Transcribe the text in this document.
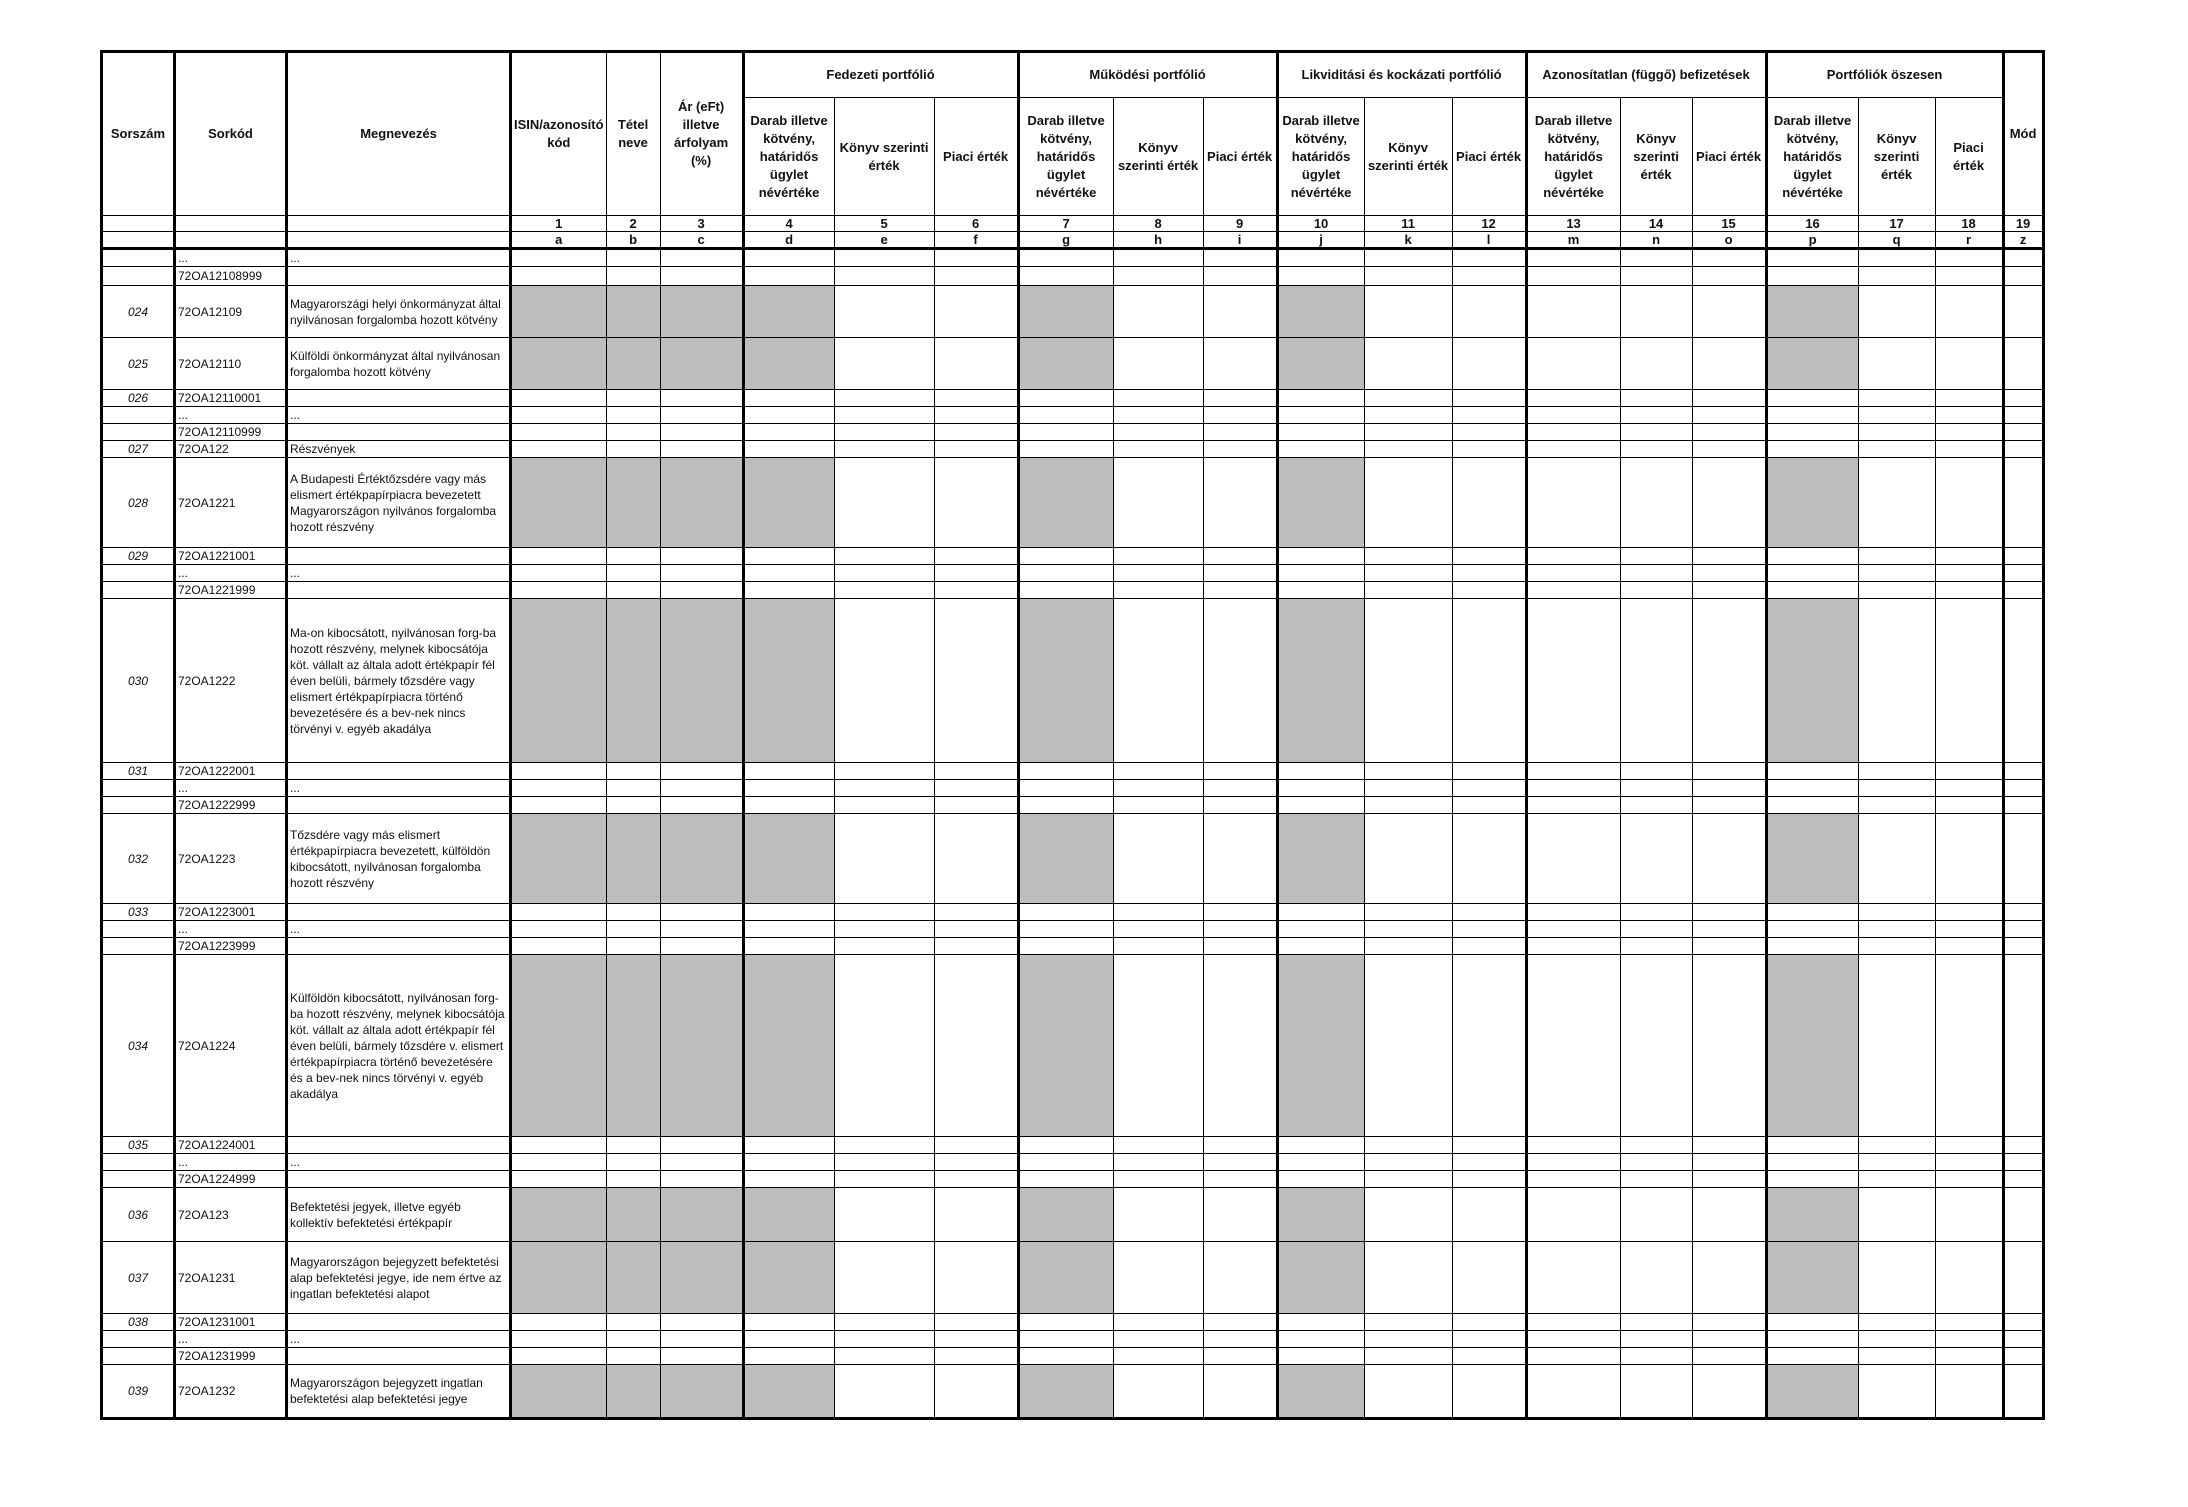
Sorszám	Sorkód	Megnevezés	ISIN/azonosító kód	Tétel neve	Ár (eFt) illetve árfolyam (%)	Fedezeti portfólió			Működési portfólió			Likviditási és kockázati portfólió			Azonosítatlan (függő) befizetések			Portfóliók öszesen			Mód
						Darab illetve kötvény, határidős ügylet névértéke	Könyv szerinti érték	Piaci érték	Darab illetve kötvény, határidős ügylet névértéke	Könyv szerinti érték	Piaci érték	Darab illetve kötvény, határidős ügylet névértéke	Könyv szerinti érték	Piaci érték	Darab illetve kötvény, határidős ügylet névértéke	Könyv szerinti érték	Piaci érték	Darab illetve kötvény, határidős ügylet névértéke	Könyv szerinti érték	Piaci érték	
			1	2	3	4	5	6	7	8	9	10	11	12	13	14	15	16	17	18	19
			a	b	c	d	e	f	g	h	i	j	k	l	m	n	o	p	q	r	z
	...	...																			
	72OA12108999																				
024	72OA12109	Magyarországi helyi önkormányzat által nyilvánosan forgalomba hozott kötvény																			
025	72OA12110	Külföldi önkormányzat által nyilvánosan forgalomba hozott kötvény																			
026	72OA12110001																				
	...	...																			
	72OA12110999																				
027	72OA122	Részvények																			
028	72OA1221	A Budapesti Értéktőzsdére vagy más elismert értékpapírpiacra bevezetett Magyarországon nyilvános forgalomba hozott részvény																			
029	72OA1221001																				
	...	...																			
	72OA1221999																				
030	72OA1222	Ma-on kibocsátott, nyilvánosan forg-ba hozott részvény, melynek kibocsátója köt. vállalt az általa adott értékpapír fél éven belüli, bármely tőzsdére vagy elismert értékpapírpiacra történő bevezetésére és a bev-nek nincs törvényi v. egyéb akadálya																			
031	72OA1222001																				
	...	...																			
	72OA1222999																				
032	72OA1223	Tőzsdére vagy más elismert értékpapírpiacra bevezetett, külföldön kibocsátott, nyilvánosan forgalomba hozott részvény																			
033	72OA1223001																				
	...	...																			
	72OA1223999																				
034	72OA1224	Külföldön kibocsátott, nyilvánosan forg-ba hozott részvény, melynek kibocsátója köt. vállalt az általa adott értékpapír fél éven belüli, bármely tőzsdére v. elismert értékpapírpiacra történő bevezetésére és a bev-nek nincs törvényi v. egyéb akadálya																			
035	72OA1224001																				
	...	...																			
	72OA1224999																				
036	72OA123	Befektetési jegyek, illetve egyéb kollektív befektetési értékpapír																			
037	72OA1231	Magyarországon bejegyzett befektetési alap befektetési jegye, ide nem értve az ingatlan befektetési alapot																			
038	72OA1231001																				
	...	...																			
	72OA1231999																				
039	72OA1232	Magyarországon bejegyzett ingatlan befektetési alap befektetési jegye																			
